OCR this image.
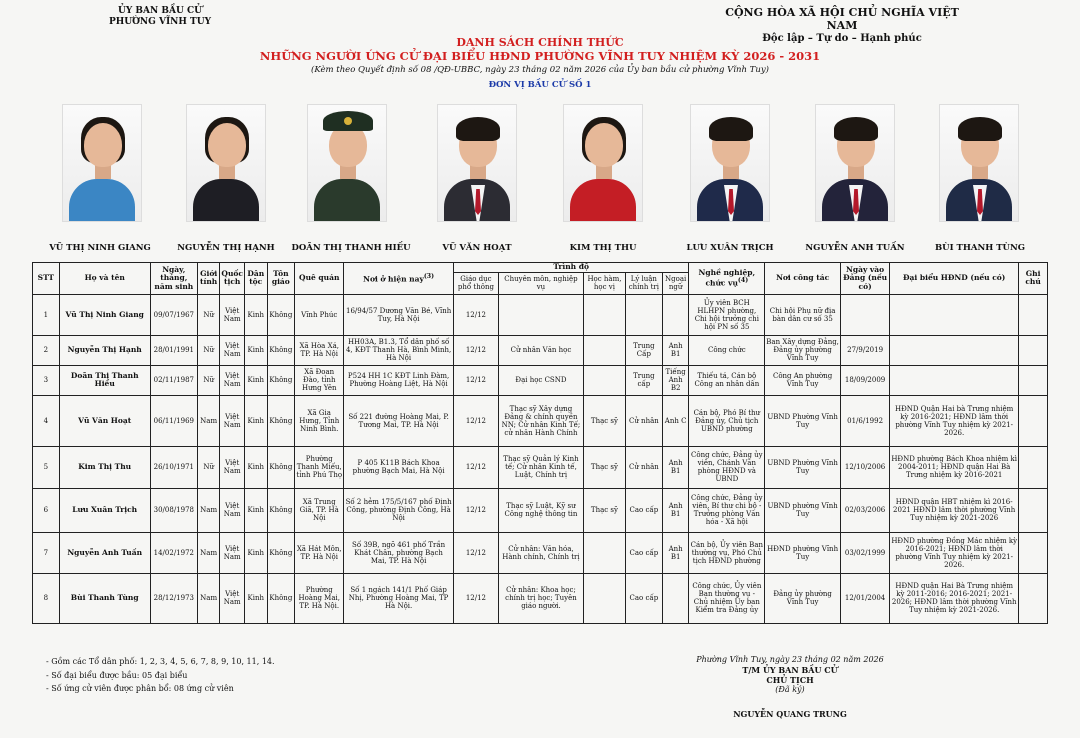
ỦY BAN BẦU CỬ
PHƯỜNG VĨNH TUY
CỘNG HÒA XÃ HỘI CHỦ NGHĨA VIỆT NAM
Độc lập – Tự do – Hạnh phúc
DANH SÁCH CHÍNH THỨC
NHỮNG NGƯỜI ỨNG CỬ ĐẠI BIỂU HĐND PHƯỜNG VĨNH TUY NHIỆM KỲ 2026 - 2031
(Kèm theo Quyết định số 08 /QĐ-UBBC, ngày 23 tháng 02 năm 2026 của Ủy ban bầu cử phường Vĩnh Tuy)
ĐƠN VỊ BẦU CỬ SỐ 1
VŨ THỊ NINH GIANG	NGUYỄN THỊ HẠNH	DOÃN THỊ THANH HIẾU	VŨ VĂN HOẠT	KIM THỊ THU	LƯU XUÂN TRỊCH	NGUYỄN ANH TUẤN	BÙI THANH TÙNG
STT	Họ và tên	Ngày, tháng, năm sinh	Giới tính	Quốc tịch	Dân tộc	Tôn giáo	Quê quán	Nơi ở hiện nay$^{(3)}$	Trình độ					Nghề nghiệp, chức vụ$^{(4)}$	Nơi công tác	Ngày vào Đảng (nếu có)	Đại biểu HĐND (nếu có)	Ghi chú
									Giáo dục phổ thông	Chuyên môn, nghiệp vụ	Học hàm, học vị	Lý luận chính trị	Ngoại ngữ					
1	Vũ Thị Ninh Giang	09/07/1967	Nữ	Việt Nam	Kinh	Không	Vĩnh Phúc	16/94/57 Dương Văn Bé, Vĩnh Tuy, Hà Nội	12/12					Ủy viên BCH HLHPN phường, Chi hội trưởng chi hội PN số 35	Chi hội Phụ nữ địa bàn dân cư số 35			
2	Nguyễn Thị Hạnh	28/01/1991	Nữ	Việt Nam	Kinh	Không	Xã Hòa Xá, TP. Hà Nội	HH03A, B1.3, Tổ dân phố số 4, KĐT Thanh Hà, Bình Minh, Hà Nội	12/12	Cử nhân Văn học		Trung Cấp	Anh B1	Công chức	Ban Xây dựng Đảng, Đảng ủy phường Vĩnh Tuy	27/9/2019		
3	Doãn Thị Thanh Hiếu	02/11/1987	Nữ	Việt Nam	Kinh	Không	Xã Đoan Đào, tỉnh Hưng Yên	P524 HH 1C KĐT Linh Đàm, Phường Hoàng Liệt, Hà Nội	12/12	Đại học CSND		Trung cấp	Tiếng Anh B2	Thiếu tá, Cán bộ Công an nhân dân	Công An phường Vĩnh Tuy	18/09/2009		
4	Vũ Văn Hoạt	06/11/1969	Nam	Việt Nam	Kinh	Không	Xã Gia Hưng, Tỉnh Ninh Bình.	Số 221 đường Hoàng Mai, P. Tương Mai, TP. Hà Nội	12/12	Thạc sỹ Xây dựng Đảng & chính quyền NN; Cử nhân Kinh Tế; cử nhân Hành Chính	Thạc sỹ	Cử nhân	Anh C	Cán bộ, Phó Bí thư Đảng ủy, Chủ tịch UBND phường	UBND Phường Vĩnh Tuy	01/6/1992	HĐND Quận Hai bà Trưng nhiệm kỳ 2016-2021; HĐND lâm thời phường Vĩnh Tuy nhiệm kỳ 2021-2026.	
5	Kim Thị Thu	26/10/1971	Nữ	Việt Nam	Kinh	Không	Phường Thanh Miếu, tỉnh Phú Thọ	P 405 K11B Bách Khoa phường Bạch Mai, Hà Nội	12/12	Thạc sỹ Quản lý Kinh tế; Cử nhân Kinh tế, Luật, Chính trị	Thạc sỹ	Cử nhân	Anh B1	Công chức, Đảng ủy viên, Chánh Văn phòng HĐND và UBND	UBND Phường Vĩnh Tuy	12/10/2006	HĐND phường Bách Khoa nhiệm kì 2004-2011; HĐND quận Hai Bà Trưng nhiệm kỳ 2016-2021	
6	Lưu Xuân Trịch	30/08/1978	Nam	Việt Nam	Kinh	Không	Xã Trung Giã, TP. Hà Nội	Số 2 hẻm 175/5/167 phố Định Công, phường Định Công, Hà Nội	12/12	Thạc sỹ Luật, Kỹ sư Công nghệ thông tin	Thạc sỹ	Cao cấp	Anh B1	Công chức, Đảng ủy viên, Bí thư chi bộ - Trưởng phòng Văn hóa - Xã hội	UBND phường Vĩnh Tuy	02/03/2006	HĐND quận HBT nhiệm kì 2016-2021 HĐND lâm thời phường Vĩnh Tuy nhiệm kỳ 2021-2026	
7	Nguyễn Anh Tuấn	14/02/1972	Nam	Việt Nam	Kinh	Không	Xã Hát Môn, TP. Hà Nội	Số 39B, ngõ 461 phố Trần Khát Chân, phường Bạch Mai, TP. Hà Nội	12/12	Cử nhân: Văn hóa, Hành chính, Chính trị		Cao cấp	Anh B1	Cán bộ, Ủy viên Ban thường vụ, Phó Chủ tịch HĐND phường	HĐND phường Vĩnh Tuy	03/02/1999	HĐND phường Đồng Mác nhiệm kỳ 2016-2021; HĐND lâm thời phường Vĩnh Tuy nhiệm kỳ 2021-2026.	
8	Bùi Thanh Tùng	28/12/1973	Nam	Việt Nam	Kinh	Không	Phường Hoàng Mai, TP. Hà Nội.	Số 1 ngách 141/1 Phố Giáp Nhị, Phường Hoàng Mai, TP Hà Nội.	12/12	Cử nhân: Khoa học; chính trị học; Tuyên giáo người.		Cao cấp		Công chức, Ủy viên Ban thường vụ - Chủ nhiệm Ủy ban Kiểm tra Đảng ủy	Đảng ủy phường Vĩnh Tuy	12/01/2004	HĐND quận Hai Bà Trưng nhiệm kỳ 2011-2016; 2016-2021; 2021-2026; HĐND lâm thời phường Vĩnh Tuy nhiệm kỳ 2021-2026.	
- Gồm các Tổ dân phố: 1, 2, 3, 4, 5, 6, 7, 8, 9, 10, 11, 14.
- Số đại biểu được bầu: 05 đại biểu
- Số ứng cử viên được phân bổ: 08 ứng cử viên
Phường Vĩnh Tuy, ngày 23 tháng 02 năm 2026
T/M ỦY BAN BẦU CỬ
CHỦ TỊCH
(Đã ký)
NGUYỄN QUANG TRUNG
